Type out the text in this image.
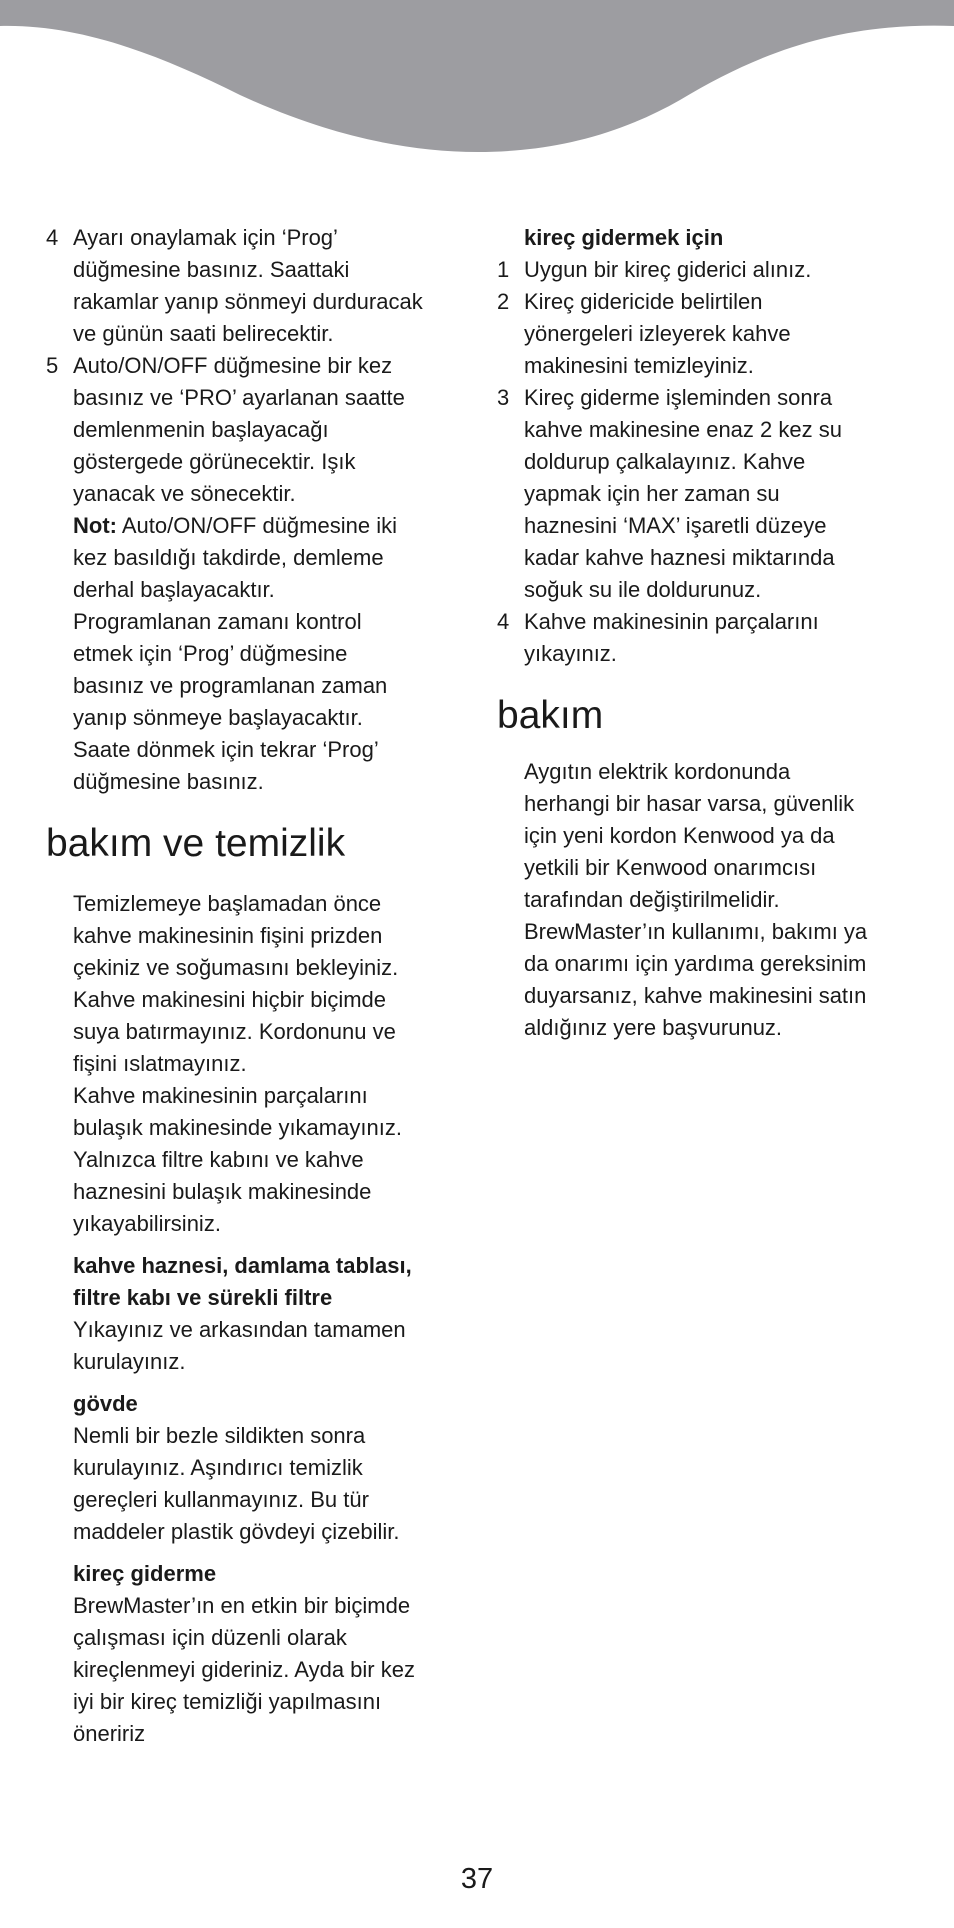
4 Ayarı onaylamak için ‘Prog’

düğmesine basınız. Saattaki

rakamlar yanıp sönmeyi durduracak

ve günün saati belirecektir.

5 Auto/ON/OFF düğmesine bir kez

basınız ve ‘PRO’ ayarlanan saatte

demlenmenin başlayacağı

göstergede görünecektir. Işık

yanacak ve sönecektir.

Not: Auto/ON/OFF düğmesine iki

kez basıldığı takdirde, demleme

derhal başlayacaktır.

Programlanan zamanı kontrol

etmek için ‘Prog’ düğmesine

basınız ve programlanan zaman

yanıp sönmeye başlayacaktır.

Saate dönmek için tekrar ‘Prog’

düğmesine basınız.

bakım ve temizlik

Temizlemeye başlamadan önce

kahve makinesinin fişini prizden

çekiniz ve soğumasını bekleyiniz.

Kahve makinesini hiçbir biçimde

suya batırmayınız. Kordonunu ve

fişini ıslatmayınız.

Kahve makinesinin parçalarını

bulaşık makinesinde yıkamayınız.

Yalnızca filtre kabını ve kahve

haznesini bulaşık makinesinde

yıkayabilirsiniz.

kahve haznesi, damlama tablası,

filtre kabı ve sürekli filtre

Yıkayınız ve arkasından tamamen

kurulayınız.

gövde

Nemli bir bezle sildikten sonra

kurulayınız. Aşındırıcı temizlik

gereçleri kullanmayınız. Bu tür

maddeler plastik gövdeyi çizebilir.

kireç giderme

BrewMaster’ın en etkin bir biçimde

çalışması için düzenli olarak

kireçlenmeyi gideriniz. Ayda bir kez

iyi bir kireç temizliği yapılmasını

öneririz

kireç gidermek için

1 Uygun bir kireç giderici alınız.

2 Kireç gidericide belirtilen

yönergeleri izleyerek kahve

makinesini temizleyiniz.

3 Kireç giderme işleminden sonra

kahve makinesine enaz 2 kez su

doldurup çalkalayınız. Kahve

yapmak için her zaman su

haznesini ‘MAX’ işaretli düzeye

kadar kahve haznesi miktarında

soğuk su ile doldurunuz.

4 Kahve makinesinin parçalarını

yıkayınız.

bakım

Aygıtın elektrik kordonunda

herhangi bir hasar varsa, güvenlik

için yeni kordon Kenwood ya da

yetkili bir Kenwood onarımcısı

tarafından değiştirilmelidir.

BrewMaster’ın kullanımı, bakımı ya

da onarımı için yardıma gereksinim

duyarsanız, kahve makinesini satın

aldığınız yere başvurunuz.

37
